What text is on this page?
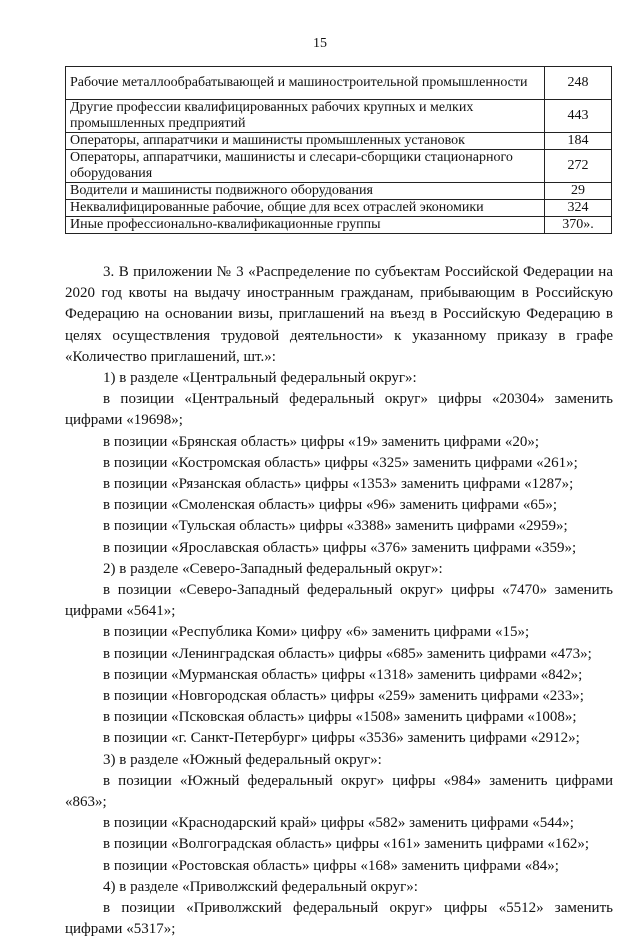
15
Рабочие металлообрабатывающей и машиностроительной промышленности	248
Другие профессии квалифицированных рабочих крупных и мелких промышленных предприятий	443
Операторы, аппаратчики и машинисты промышленных установок	184
Операторы, аппаратчики, машинисты и слесари-сборщики стационарного оборудования	272
Водители и машинисты подвижного оборудования	29
Неквалифицированные рабочие, общие для всех отраслей экономики	324
Иные профессионально-квалификационные группы	370».

3. В приложении № 3 «Распределение по субъектам Российской Федерации на 2020 год квоты на выдачу иностранным гражданам, прибывающим в Российскую Федерацию на основании визы, приглашений на въезд в Российскую Федерацию в целях осуществления трудовой деятельности» к указанному приказу в графе «Количество приглашений, шт.»:

1) в разделе «Центральный федеральный округ»:

в позиции «Центральный федеральный округ» цифры «20304» заменить цифрами «19698»;

в позиции «Брянская область» цифры «19» заменить цифрами «20»;

в позиции «Костромская область» цифры «325» заменить цифрами «261»;

в позиции «Рязанская область» цифры «1353» заменить цифрами «1287»;

в позиции «Смоленская область» цифры «96» заменить цифрами «65»;

в позиции «Тульская область» цифры «3388» заменить цифрами «2959»;

в позиции «Ярославская область» цифры «376» заменить цифрами «359»;

2) в разделе «Северо-Западный федеральный округ»:

в позиции «Северо-Западный федеральный округ» цифры «7470» заменить цифрами «5641»;

в позиции «Республика Коми» цифру «6» заменить цифрами «15»;

в позиции «Ленинградская область» цифры «685» заменить цифрами «473»;

в позиции «Мурманская область» цифры «1318» заменить цифрами «842»;

в позиции «Новгородская область» цифры «259» заменить цифрами «233»;

в позиции «Псковская область» цифры «1508» заменить цифрами «1008»;

в позиции «г. Санкт-Петербург» цифры «3536» заменить цифрами «2912»;

3) в разделе «Южный федеральный округ»:

в позиции «Южный федеральный округ» цифры «984» заменить цифрами «863»;

в позиции «Краснодарский край» цифры «582» заменить цифрами «544»;

в позиции «Волгоградская область» цифры «161» заменить цифрами «162»;

в позиции «Ростовская область» цифры «168» заменить цифрами «84»;

4) в разделе «Приволжский федеральный округ»:

в позиции «Приволжский федеральный округ» цифры «5512» заменить цифрами «5317»;
